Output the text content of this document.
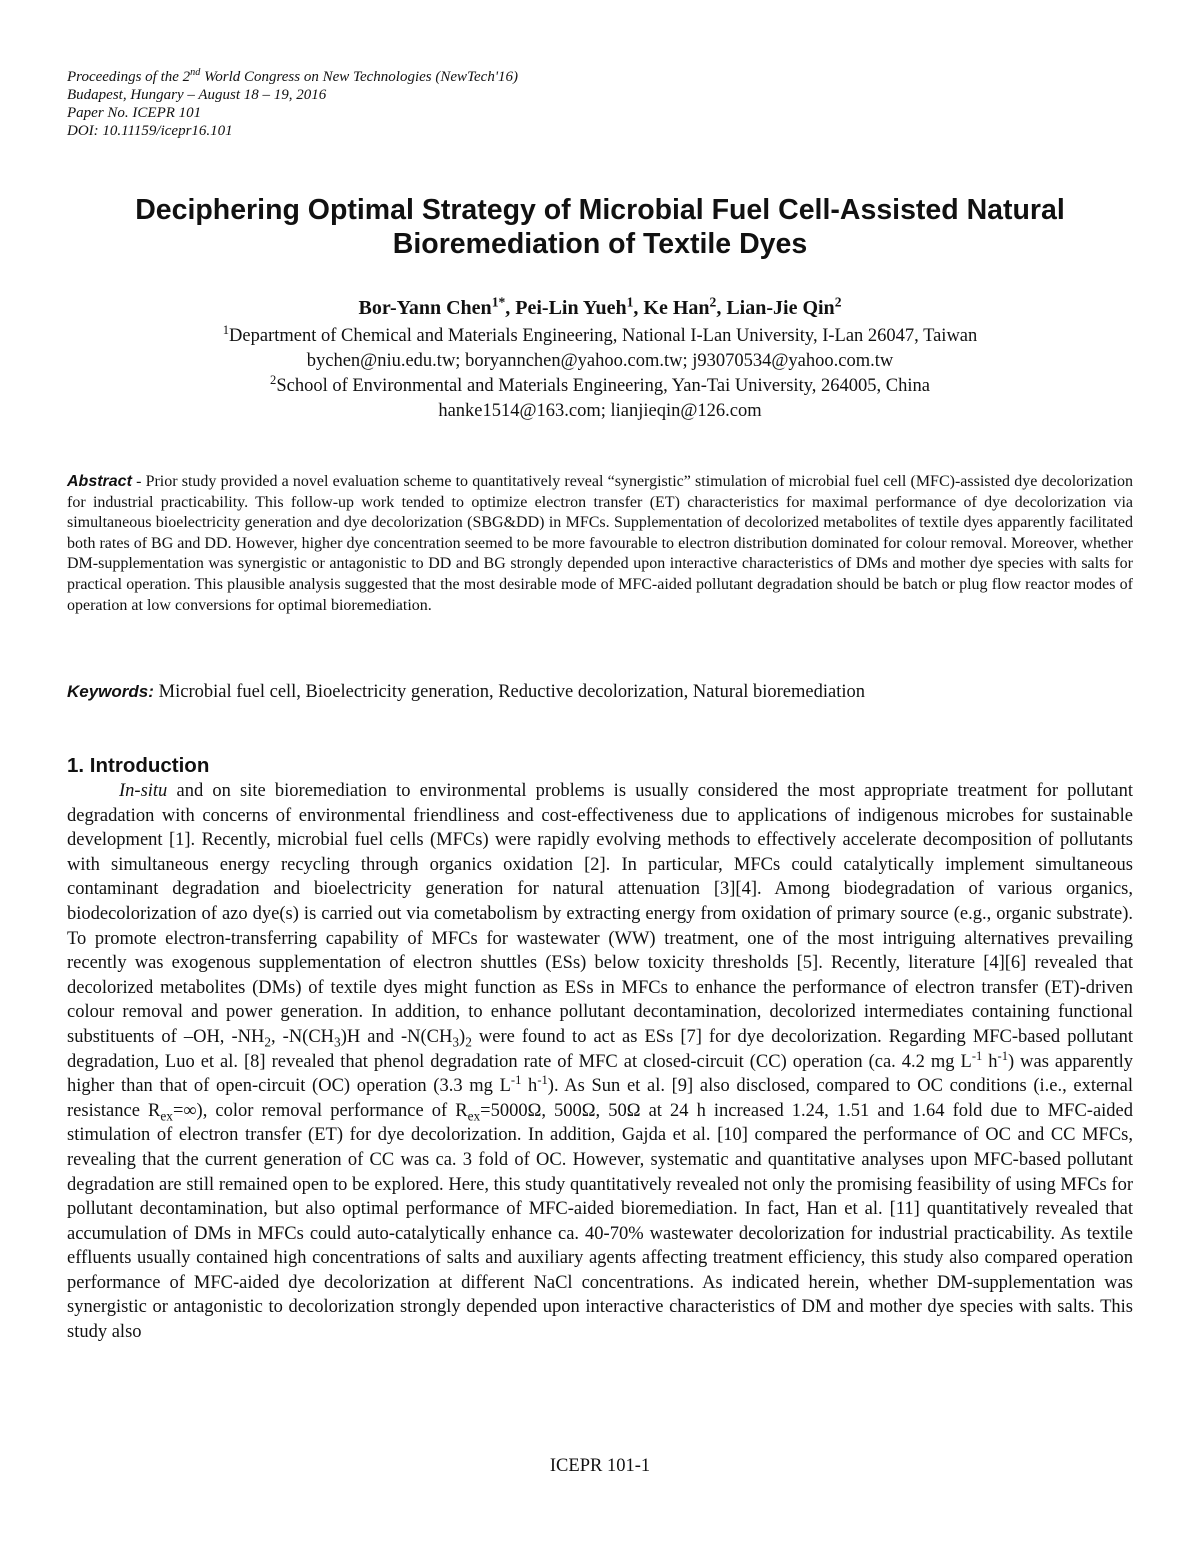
Proceedings of the 2nd World Congress on New Technologies (NewTech'16)
Budapest, Hungary – August 18 – 19, 2016
Paper No. ICEPR 101
DOI: 10.11159/icepr16.101
Deciphering Optimal Strategy of Microbial Fuel Cell-Assisted Natural
Bioremediation of Textile Dyes
Bor-Yann Chen$^{1*}$, Pei-Lin Yueh$^1$, Ke Han$^2$, Lian-Jie Qin$^2$
$^1$Department of Chemical and Materials Engineering, National I-Lan University, I-Lan 26047, Taiwan
bychen@niu.edu.tw; boryannchen@yahoo.com.tw; j93070534@yahoo.com.tw
$^2$School of Environmental and Materials Engineering, Yan-Tai University, 264005, China
hanke1514@163.com; lianjieqin@126.com
Abstract - Prior study provided a novel evaluation scheme to quantitatively reveal “synergistic” stimulation of microbial fuel cell (MFC)-assisted dye decolorization for industrial practicability. This follow-up work tended to optimize electron transfer (ET) characteristics for maximal performance of dye decolorization via simultaneous bioelectricity generation and dye decolorization (SBG&DD) in MFCs. Supplementation of decolorized metabolites of textile dyes apparently facilitated both rates of BG and DD. However, higher dye concentration seemed to be more favourable to electron distribution dominated for colour removal. Moreover, whether DM-supplementation was synergistic or antagonistic to DD and BG strongly depended upon interactive characteristics of DMs and mother dye species with salts for practical operation. This plausible analysis suggested that the most desirable mode of MFC-aided pollutant degradation should be batch or plug flow reactor modes of operation at low conversions for optimal bioremediation.
Keywords: Microbial fuel cell, Bioelectricity generation, Reductive decolorization, Natural bioremediation
1. Introduction
In-situ and on site bioremediation to environmental problems is usually considered the most appropriate treatment for pollutant degradation with concerns of environmental friendliness and cost-effectiveness due to applications of indigenous microbes for sustainable development [1]. Recently, microbial fuel cells (MFCs) were rapidly evolving methods to effectively accelerate decomposition of pollutants with simultaneous energy recycling through organics oxidation [2]. In particular, MFCs could catalytically implement simultaneous contaminant degradation and bioelectricity generation for natural attenuation [3][4]. Among biodegradation of various organics, biodecolorization of azo dye(s) is carried out via cometabolism by extracting energy from oxidation of primary source (e.g., organic substrate). To promote electron-transferring capability of MFCs for wastewater (WW) treatment, one of the most intriguing alternatives prevailing recently was exogenous supplementation of electron shuttles (ESs) below toxicity thresholds [5]. Recently, literature [4][6] revealed that decolorized metabolites (DMs) of textile dyes might function as ESs in MFCs to enhance the performance of electron transfer (ET)-driven colour removal and power generation. In addition, to enhance pollutant decontamination, decolorized intermediates containing functional substituents of –OH, $-NH_2$, $-N(CH_3)H$ and $-N(CH_3)_2$ were found to act as ESs [7] for dye decolorization. Regarding MFC-based pollutant degradation, Luo et al. [8] revealed that phenol degradation rate of MFC at closed-circuit (CC) operation (ca. 4.2 mg $L^{-1}$ $h^{-1}$) was apparently higher than that of open-circuit (OC) operation (3.3 mg $L^{-1}$ $h^{-1}$). As Sun et al. [9] also disclosed, compared to OC conditions (i.e., external resistance $R_{ex}=\infty$), color removal performance of $R_{ex}=5000\Omega$, 500Ω, 50Ω at 24 h increased 1.24, 1.51 and 1.64 fold due to MFC-aided stimulation of electron transfer (ET) for dye decolorization. In addition, Gajda et al. [10] compared the performance of OC and CC MFCs, revealing that the current generation of CC was ca. 3 fold of OC. However, systematic and quantitative analyses upon MFC-based pollutant degradation are still remained open to be explored. Here, this study quantitatively revealed not only the promising feasibility of using MFCs for pollutant decontamination, but also optimal performance of MFC-aided bioremediation. In fact, Han et al. [11] quantitatively revealed that accumulation of DMs in MFCs could auto-catalytically enhance ca. 40-70% wastewater decolorization for industrial practicability. As textile effluents usually contained high concentrations of salts and auxiliary agents affecting treatment efficiency, this study also compared operation performance of MFC-aided dye decolorization at different NaCl concentrations. As indicated herein, whether DM-supplementation was synergistic or antagonistic to decolorization strongly depended upon interactive characteristics of DM and mother dye species with salts. This study also
ICEPR 101-1
